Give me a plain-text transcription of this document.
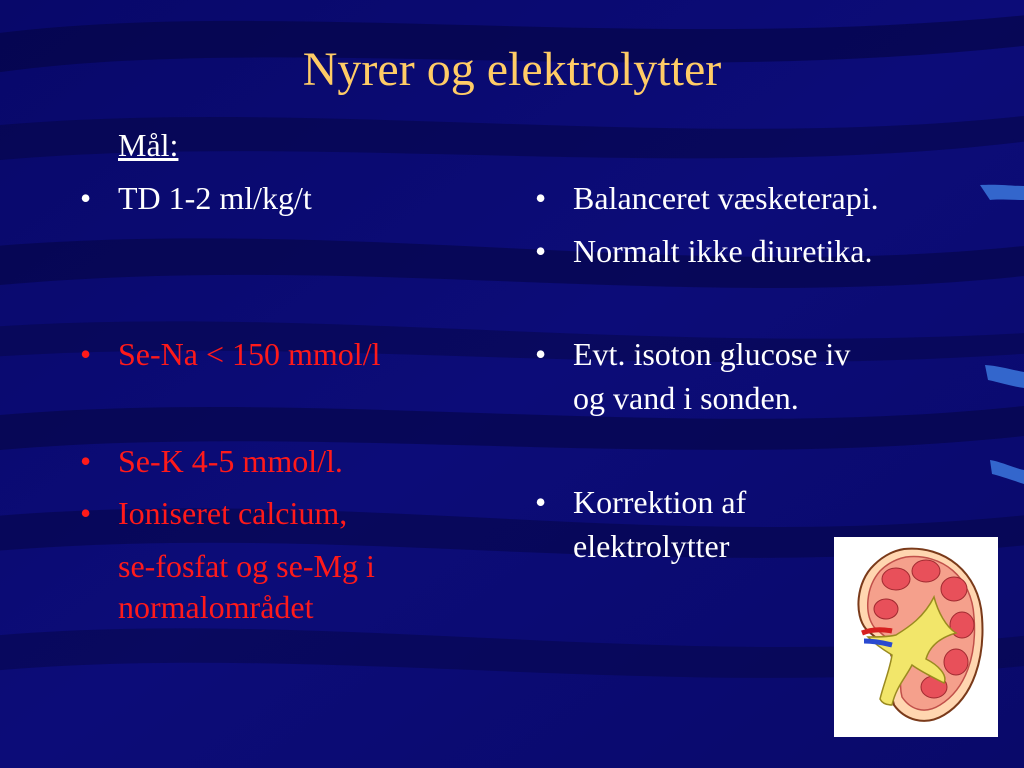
Nyrer og elektrolytter
Mål:
• TD 1-2 ml/kg/t
• Se-Na < 150 mmol/l
• Se-K 4-5 mmol/l.
• Ioniseret calcium,
se-fosfat og se-Mg i
normalområdet
• Balanceret væsketerapi.
• Normalt ikke diuretika.
• Evt. isoton glucose iv
og vand i sonden.
• Korrektion af
elektrolytter
